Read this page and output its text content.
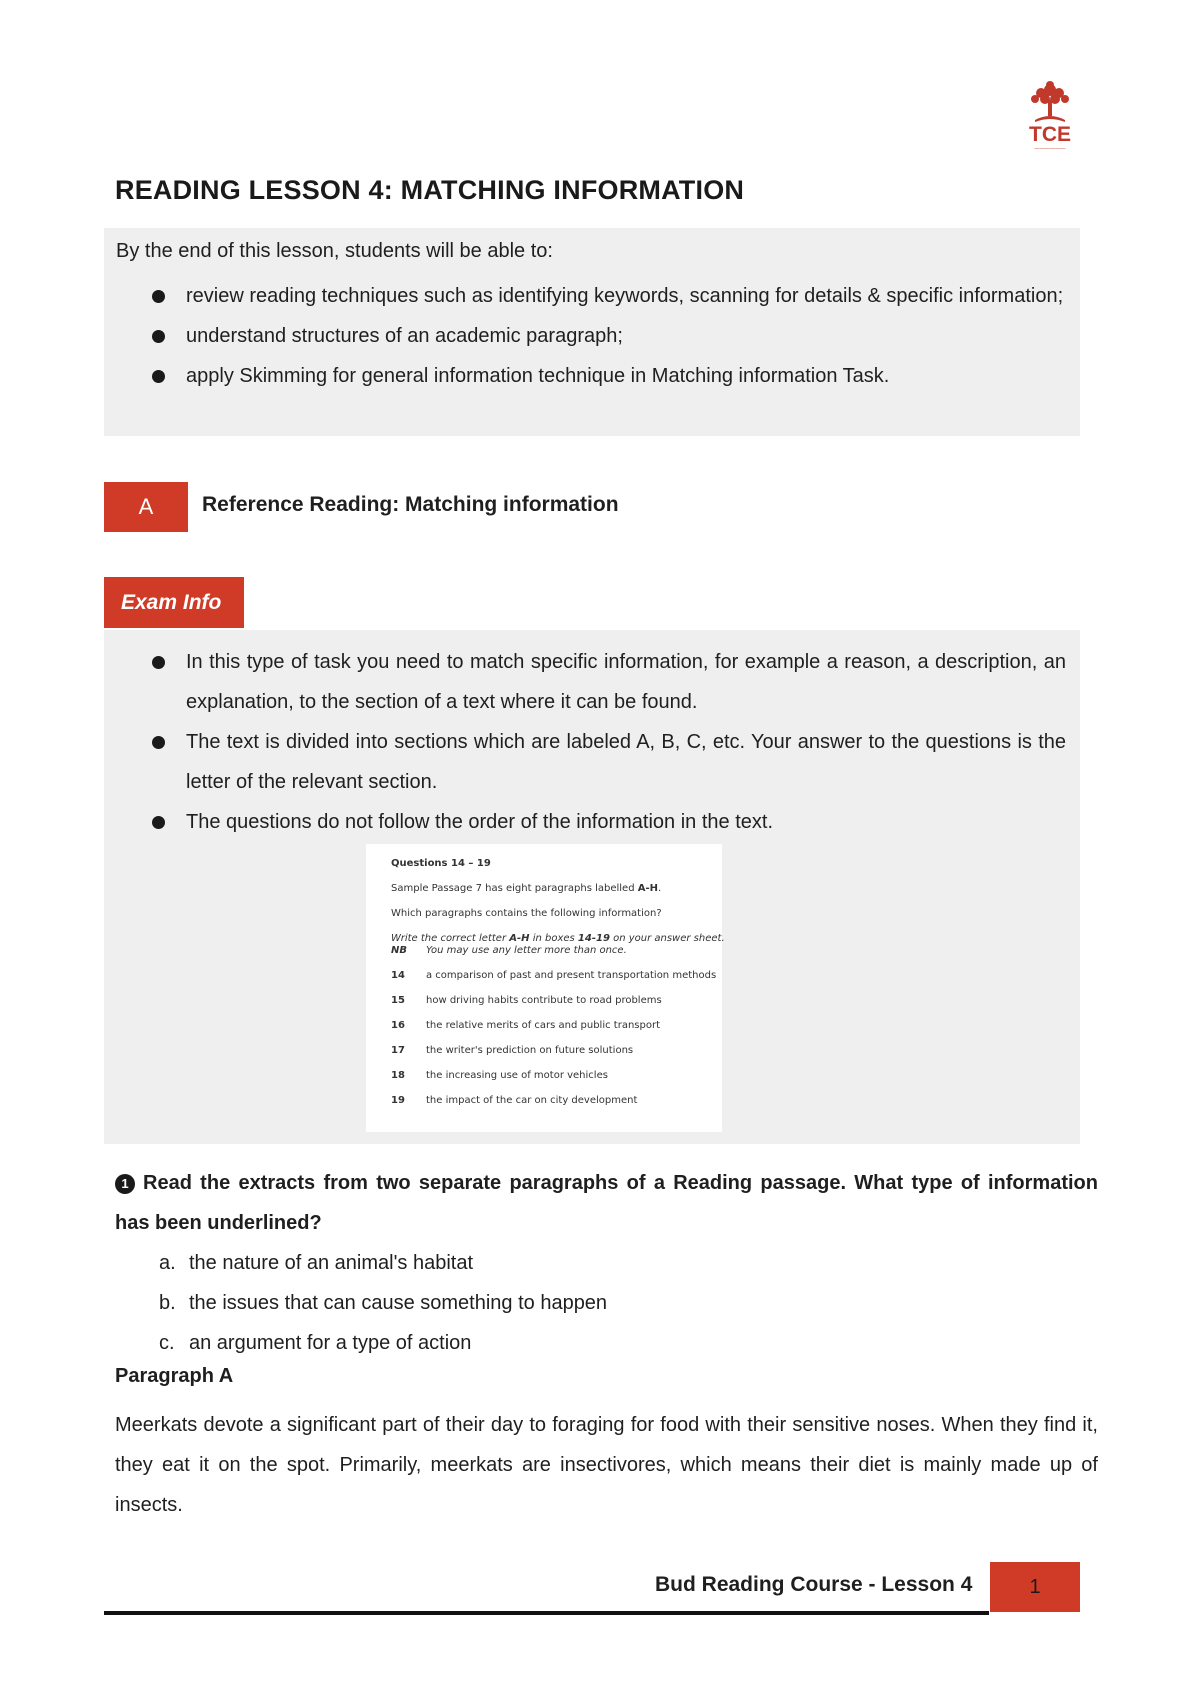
TCE
——————
READING LESSON 4: MATCHING INFORMATION
By the end of this lesson, students will be able to:
review reading techniques such as identifying keywords, scanning for details & specific information;
understand structures of an academic paragraph;
apply Skimming for general information technique in Matching information Task.
A	Reference Reading: Matching information
Exam Info
In this type of task you need to match specific information, for example a reason, a description, an explanation, to the section of a text where it can be found.
The text is divided into sections which are labeled A, B, C, etc. Your answer to the questions is the letter of the relevant section.
The questions do not follow the order of the information in the text.
Questions 14 – 19
Sample Passage 7 has eight paragraphs labelled A-H.
Which paragraphs contains the following information?
Write the correct letter A-H in boxes 14-19 on your answer sheet.
NB You may use any letter more than once.
14 a comparison of past and present transportation methods
15 how driving habits contribute to road problems
16 the relative merits of cars and public transport
17 the writer's prediction on future solutions
18 the increasing use of motor vehicles
19 the impact of the car on city development
1 Read the extracts from two separate paragraphs of a Reading passage. What type of information has been underlined?
a. the nature of an animal's habitat
b. the issues that can cause something to happen
c. an argument for a type of action
Paragraph A

Meerkats devote a significant part of their day to foraging for food with their sensitive noses. When they find it, they eat it on the spot. Primarily, meerkats are insectivores, which means their diet is mainly made up of insects.

Bud Reading Course - Lesson 4	1
